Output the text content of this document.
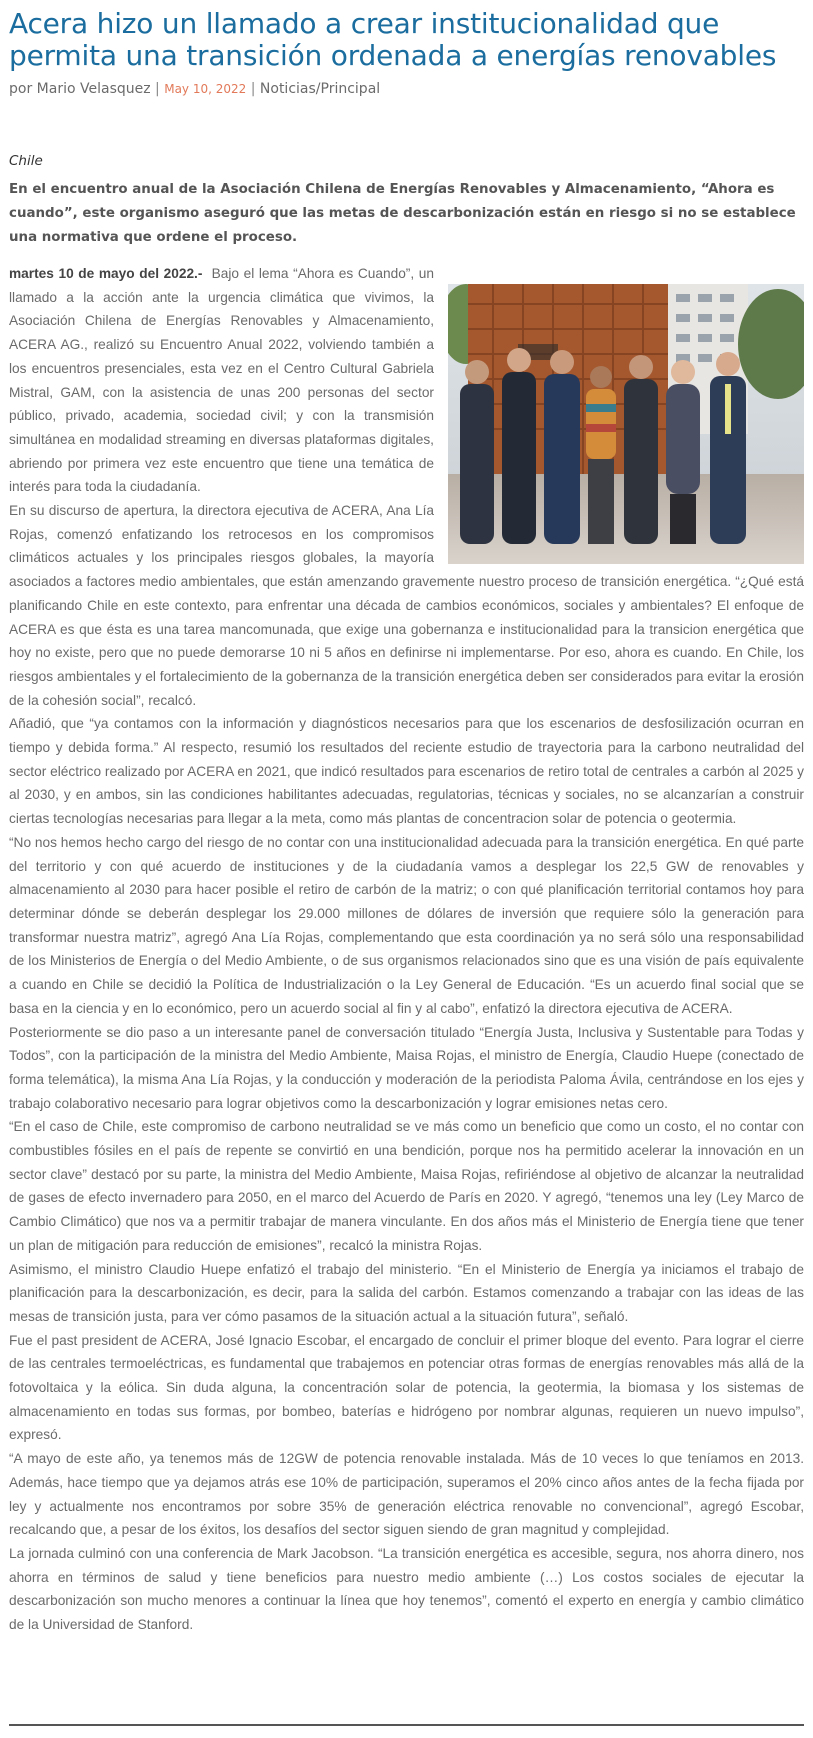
Acera hizo un llamado a crear institucionalidad que permita una transición ordenada a energías renovables
por Mario Velasquez | May 10, 2022 | Noticias/Principal
Chile

En el encuentro anual de la Asociación Chilena de Energías Renovables y Almacenamiento, “Ahora es cuando”, este organismo aseguró que las metas de descarbonización están en riesgo si no se establece una normativa que ordene el proceso.

martes 10 de mayo del 2022.- Bajo el lema “Ahora es Cuando”, un llamado a la acción ante la urgencia climática que vivimos, la Asociación Chilena de Energías Renovables y Almacenamiento, ACERA AG., realizó su Encuentro Anual 2022, volviendo también a los encuentros presenciales, esta vez en el Centro Cultural Gabriela Mistral, GAM, con la asistencia de unas 200 personas del sector público, privado, academia, sociedad civil; y con la transmisión simultánea en modalidad streaming en diversas plataformas digitales, abriendo por primera vez este encuentro que tiene una temática de interés para toda la ciudadanía.

En su discurso de apertura, la directora ejecutiva de ACERA, Ana Lía Rojas, comenzó enfatizando los retrocesos en los compromisos climáticos actuales y los principales riesgos globales, la mayoría asociados a factores medio ambientales, que están amenzando gravemente nuestro proceso de transición energética. “¿Qué está planificando Chile en este contexto, para enfrentar una década de cambios económicos, sociales y ambientales? El enfoque de ACERA es que ésta es una tarea mancomunada, que exige una gobernanza e institucionalidad para la transicion energética que hoy no existe, pero que no puede demorarse 10 ni 5 años en definirse ni implementarse. Por eso, ahora es cuando. En Chile, los riesgos ambientales y el fortalecimiento de la gobernanza de la transición energética deben ser considerados para evitar la erosión de la cohesión social”, recalcó.

Añadió, que “ya contamos con la información y diagnósticos necesarios para que los escenarios de desfosilización ocurran en tiempo y debida forma.” Al respecto, resumió los resultados del reciente estudio de trayectoria para la carbono neutralidad del sector eléctrico realizado por ACERA en 2021, que indicó resultados para escenarios de retiro total de centrales a carbón al 2025 y al 2030, y en ambos, sin las condiciones habilitantes adecuadas, regulatorias, técnicas y sociales, no se alcanzarían a construir ciertas tecnologías necesarias para llegar a la meta, como más plantas de concentracion solar de potencia o geotermia.

“No nos hemos hecho cargo del riesgo de no contar con una institucionalidad adecuada para la transición energética. En qué parte del territorio y con qué acuerdo de instituciones y de la ciudadanía vamos a desplegar los 22,5 GW de renovables y almacenamiento al 2030 para hacer posible el retiro de carbón de la matriz; o con qué planificación territorial contamos hoy para determinar dónde se deberán desplegar los 29.000 millones de dólares de inversión que requiere sólo la generación para transformar nuestra matriz”, agregó Ana Lía Rojas, complementando que esta coordinación ya no será sólo una responsabilidad de los Ministerios de Energía o del Medio Ambiente, o de sus organismos relacionados sino que es una visión de país equivalente a cuando en Chile se decidió la Política de Industrialización o la Ley General de Educación. “Es un acuerdo final social que se basa en la ciencia y en lo económico, pero un acuerdo social al fin y al cabo”, enfatizó la directora ejecutiva de ACERA.

Posteriormente se dio paso a un interesante panel de conversación titulado “Energía Justa, Inclusiva y Sustentable para Todas y Todos”, con la participación de la ministra del Medio Ambiente, Maisa Rojas, el ministro de Energía, Claudio Huepe (conectado de forma telemática), la misma Ana Lía Rojas, y la conducción y moderación de la periodista Paloma Ávila, centrándose en los ejes y trabajo colaborativo necesario para lograr objetivos como la descarbonización y lograr emisiones netas cero.

“En el caso de Chile, este compromiso de carbono neutralidad se ve más como un beneficio que como un costo, el no contar con combustibles fósiles en el país de repente se convirtió en una bendición, porque nos ha permitido acelerar la innovación en un sector clave” destacó por su parte, la ministra del Medio Ambiente, Maisa Rojas, refiriéndose al objetivo de alcanzar la neutralidad de gases de efecto invernadero para 2050, en el marco del Acuerdo de París en 2020. Y agregó, “tenemos una ley (Ley Marco de Cambio Climático) que nos va a permitir trabajar de manera vinculante. En dos años más el Ministerio de Energía tiene que tener un plan de mitigación para reducción de emisiones”, recalcó la ministra Rojas.

Asimismo, el ministro Claudio Huepe enfatizó el trabajo del ministerio. “En el Ministerio de Energía ya iniciamos el trabajo de planificación para la descarbonización, es decir, para la salida del carbón. Estamos comenzando a trabajar con las ideas de las mesas de transición justa, para ver cómo pasamos de la situación actual a la situación futura”, señaló.

Fue el past president de ACERA, José Ignacio Escobar, el encargado de concluir el primer bloque del evento. Para lograr el cierre de las centrales termoeléctricas, es fundamental que trabajemos en potenciar otras formas de energías renovables más allá de la fotovoltaica y la eólica. Sin duda alguna, la concentración solar de potencia, la geotermia, la biomasa y los sistemas de almacenamiento en todas sus formas, por bombeo, baterías e hidrógeno por nombrar algunas, requieren un nuevo impulso”, expresó.

“A mayo de este año, ya tenemos más de 12GW de potencia renovable instalada. Más de 10 veces lo que teníamos en 2013. Además, hace tiempo que ya dejamos atrás ese 10% de participación, superamos el 20% cinco años antes de la fecha fijada por ley y actualmente nos encontramos por sobre 35% de generación eléctrica renovable no convencional”, agregó Escobar, recalcando que, a pesar de los éxitos, los desafíos del sector siguen siendo de gran magnitud y complejidad.

La jornada culminó con una conferencia de Mark Jacobson. “La transición energética es accesible, segura, nos ahorra dinero, nos ahorra en términos de salud y tiene beneficios para nuestro medio ambiente (…) Los costos sociales de ejecutar la descarbonización son mucho menores a continuar la línea que hoy tenemos”, comentó el experto en energía y cambio climático de la Universidad de Stanford.
